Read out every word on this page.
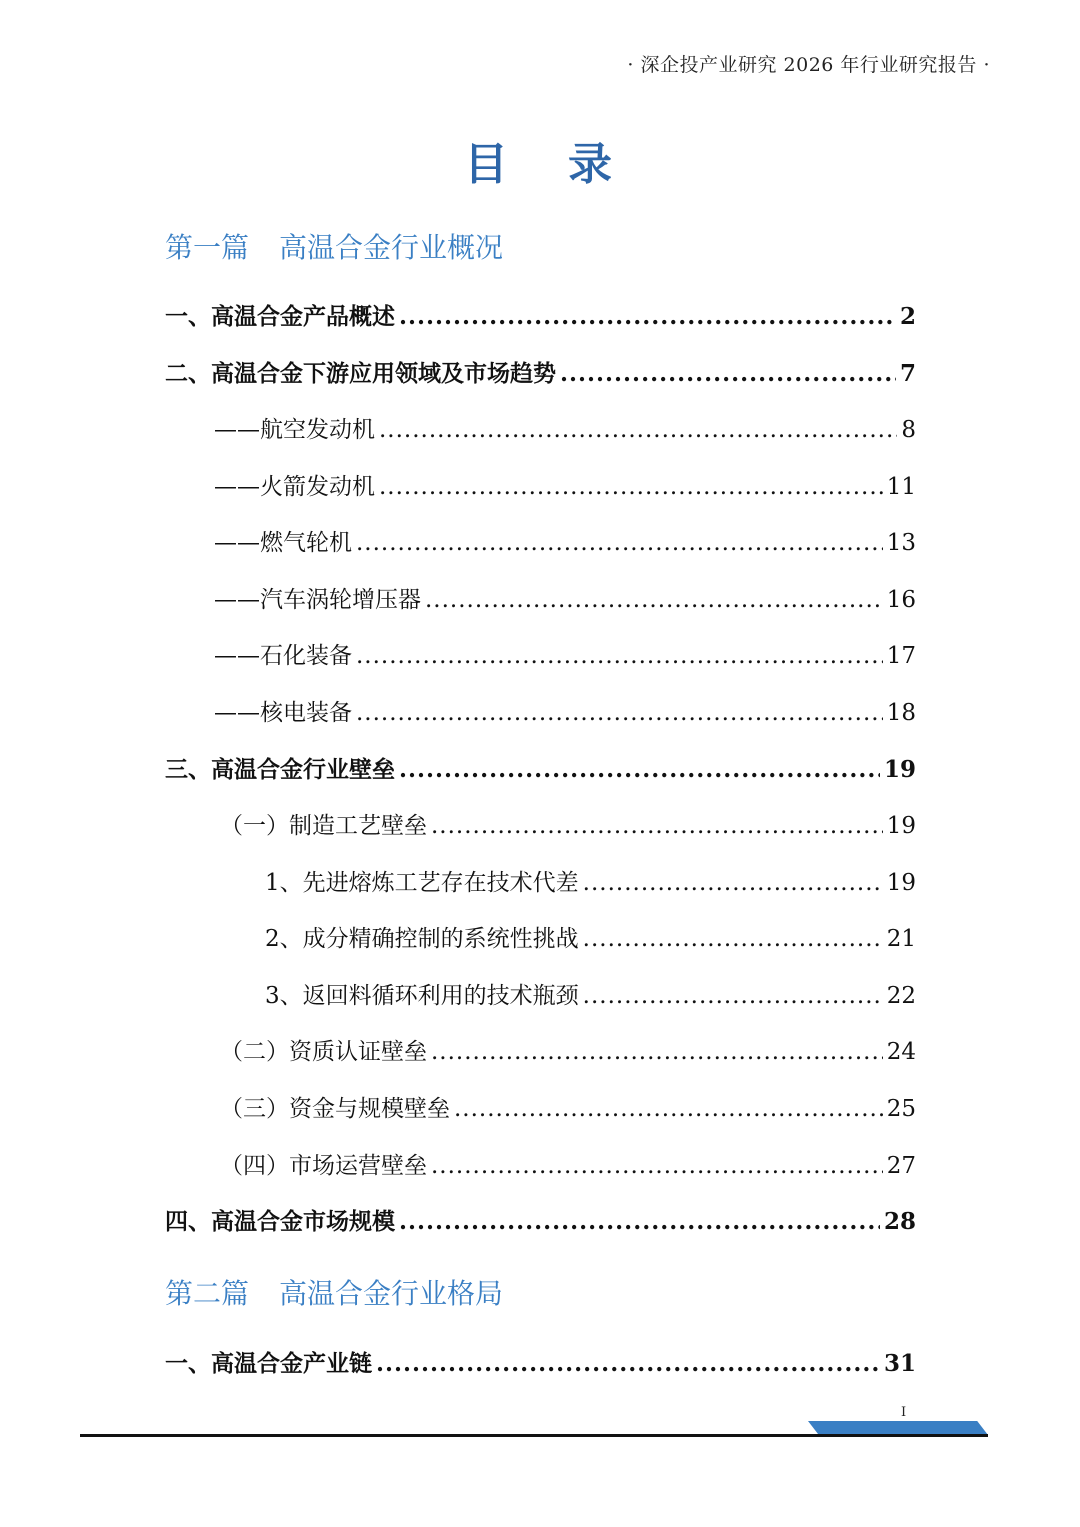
· 深企投产业研究 2026 年行业研究报告 ·
目 录
第一篇 高温合金行业概况
一、高温合金产品概述 .....	2
二、高温合金下游应用领域及市场趋势 .....	7
——航空发动机 .....	8
——火箭发动机 .....	11
——燃气轮机 .....	13
——汽车涡轮增压器 .....	16
——石化装备 .....	17
——核电装备 .....	18
三、高温合金行业壁垒 .....	19
（一）制造工艺壁垒 .....	19
1、先进熔炼工艺存在技术代差 .....	19
2、成分精确控制的系统性挑战 .....	21
3、返回料循环利用的技术瓶颈 .....	22
（二）资质认证壁垒 .....	24
（三）资金与规模壁垒 .....	25
（四）市场运营壁垒 .....	27
四、高温合金市场规模 .....	28
第二篇 高温合金行业格局
一、高温合金产业链 .....	31
I
